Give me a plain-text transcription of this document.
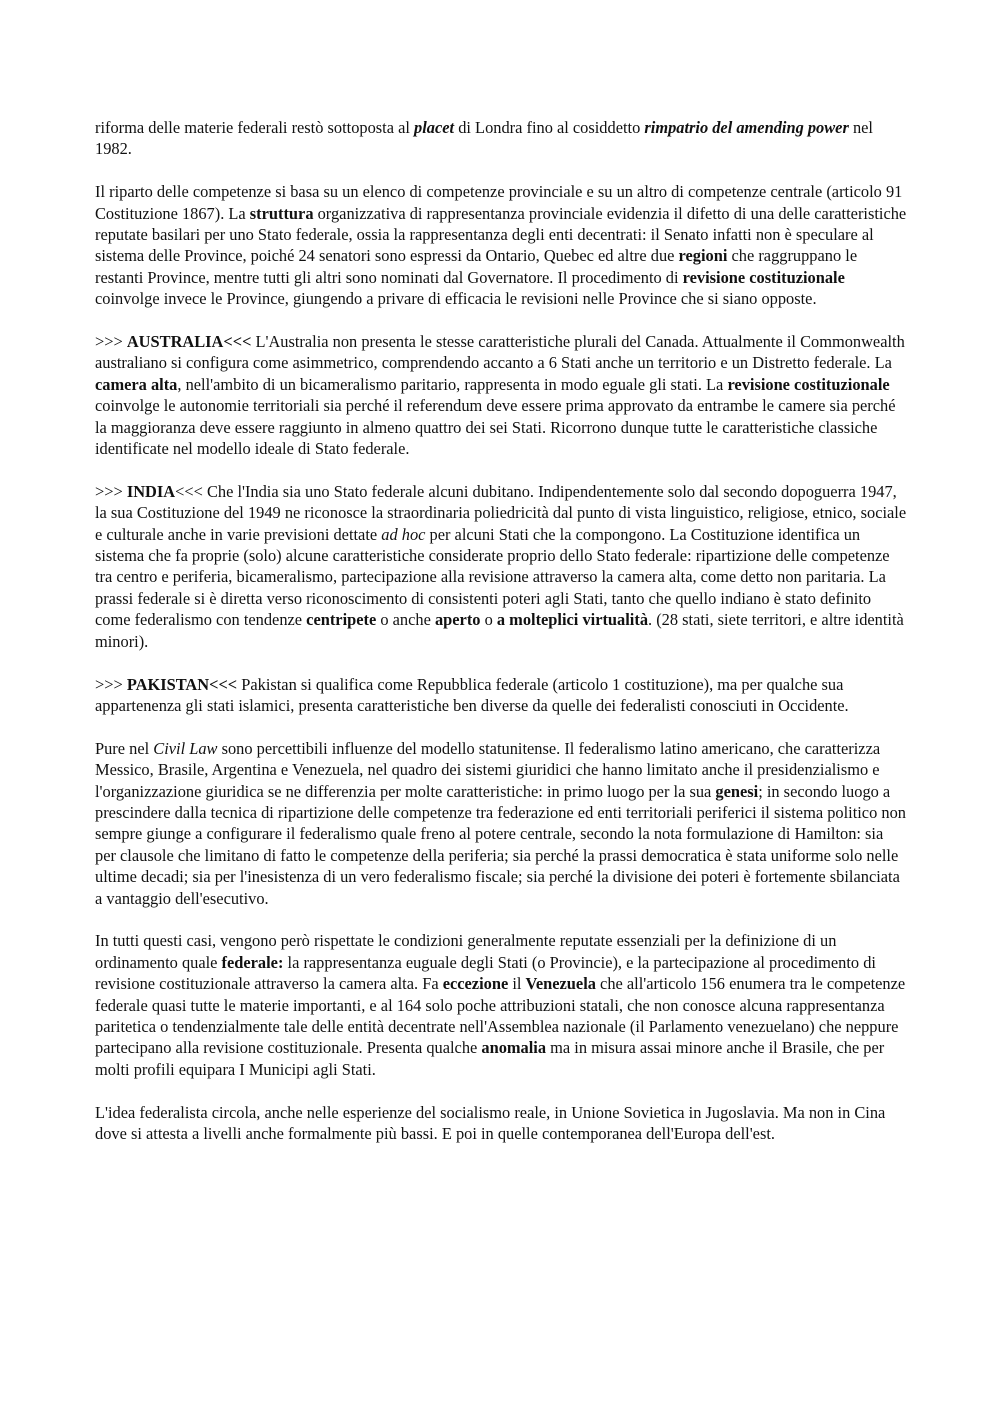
riforma delle materie federali restò sottoposta al placet di Londra fino al cosiddetto rimpatrio del amending power nel 1982.

Il riparto delle competenze si basa su un elenco di competenze provinciale e su un altro di competenze centrale (articolo 91 Costituzione 1867). La struttura organizzativa di rappresentanza provinciale evidenzia il difetto di una delle caratteristiche reputate basilari per uno Stato federale, ossia la rappresentanza degli enti decentrati: il Senato infatti non è speculare al sistema delle Province, poiché 24 senatori sono espressi da Ontario, Quebec ed altre due regioni che raggruppano le restanti Province, mentre tutti gli altri sono nominati dal Governatore. Il procedimento di revisione costituzionale coinvolge invece le Province, giungendo a privare di efficacia le revisioni nelle Province che si siano opposte.

>>> AUSTRALIA<<< L'Australia non presenta le stesse caratteristiche plurali del Canada. Attualmente il Commonwealth australiano si configura come asimmetrico, comprendendo accanto a 6 Stati anche un territorio e un Distretto federale. La camera alta, nell'ambito di un bicameralismo paritario, rappresenta in modo eguale gli stati. La revisione costituzionale coinvolge le autonomie territoriali sia perché il referendum deve essere prima approvato da entrambe le camere sia perché la maggioranza deve essere raggiunto in almeno quattro dei sei Stati. Ricorrono dunque tutte le caratteristiche classiche identificate nel modello ideale di Stato federale.

>>> INDIA<<< Che l'India sia uno Stato federale alcuni dubitano. Indipendentemente solo dal secondo dopoguerra 1947, la sua Costituzione del 1949 ne riconosce la straordinaria poliedricità dal punto di vista linguistico, religiose, etnico, sociale e culturale anche in varie previsioni dettate ad hoc per alcuni Stati che la compongono. La Costituzione identifica un sistema che fa proprie (solo) alcune caratteristiche considerate proprio dello Stato federale: ripartizione delle competenze tra centro e periferia, bicameralismo, partecipazione alla revisione attraverso la camera alta, come detto non paritaria. La prassi federale si è diretta verso riconoscimento di consistenti poteri agli Stati, tanto che quello indiano è stato definito come federalismo con tendenze centripete o anche aperto o a molteplici virtualità. (28 stati, siete territori, e altre identità minori).

>>> PAKISTAN<<< Pakistan si qualifica come Repubblica federale (articolo 1 costituzione), ma per qualche sua appartenenza gli stati islamici, presenta caratteristiche ben diverse da quelle dei federalisti conosciuti in Occidente.

Pure nel Civil Law sono percettibili influenze del modello statunitense. Il federalismo latino americano, che caratterizza Messico, Brasile, Argentina e Venezuela, nel quadro dei sistemi giuridici che hanno limitato anche il presidenzialismo e l'organizzazione giuridica se ne differenzia per molte caratteristiche: in primo luogo per la sua genesi; in secondo luogo a prescindere dalla tecnica di ripartizione delle competenze tra federazione ed enti territoriali periferici il sistema politico non sempre giunge a configurare il federalismo quale freno al potere centrale, secondo la nota formulazione di Hamilton: sia per clausole che limitano di fatto le competenze della periferia; sia perché la prassi democratica è stata uniforme solo nelle ultime decadi; sia per l'inesistenza di un vero federalismo fiscale; sia perché la divisione dei poteri è fortemente sbilanciata a vantaggio dell'esecutivo.

In tutti questi casi, vengono però rispettate le condizioni generalmente reputate essenziali per la definizione di un ordinamento quale federale: la rappresentanza euguale degli Stati (o Provincie), e la partecipazione al procedimento di revisione costituzionale attraverso la camera alta. Fa eccezione il Venezuela che all'articolo 156 enumera tra le competenze federale quasi tutte le materie importanti, e al 164 solo poche attribuzioni statali, che non conosce alcuna rappresentanza paritetica o tendenzialmente tale delle entità decentrate nell'Assemblea nazionale (il Parlamento venezuelano) che neppure partecipano alla revisione costituzionale. Presenta qualche anomalia ma in misura assai minore anche il Brasile, che per molti profili equipara I Municipi agli Stati.

L'idea federalista circola, anche nelle esperienze del socialismo reale, in Unione Sovietica in Jugoslavia. Ma non in Cina dove si attesta a livelli anche formalmente più bassi. E poi in quelle contemporanea dell'Europa dell'est.
